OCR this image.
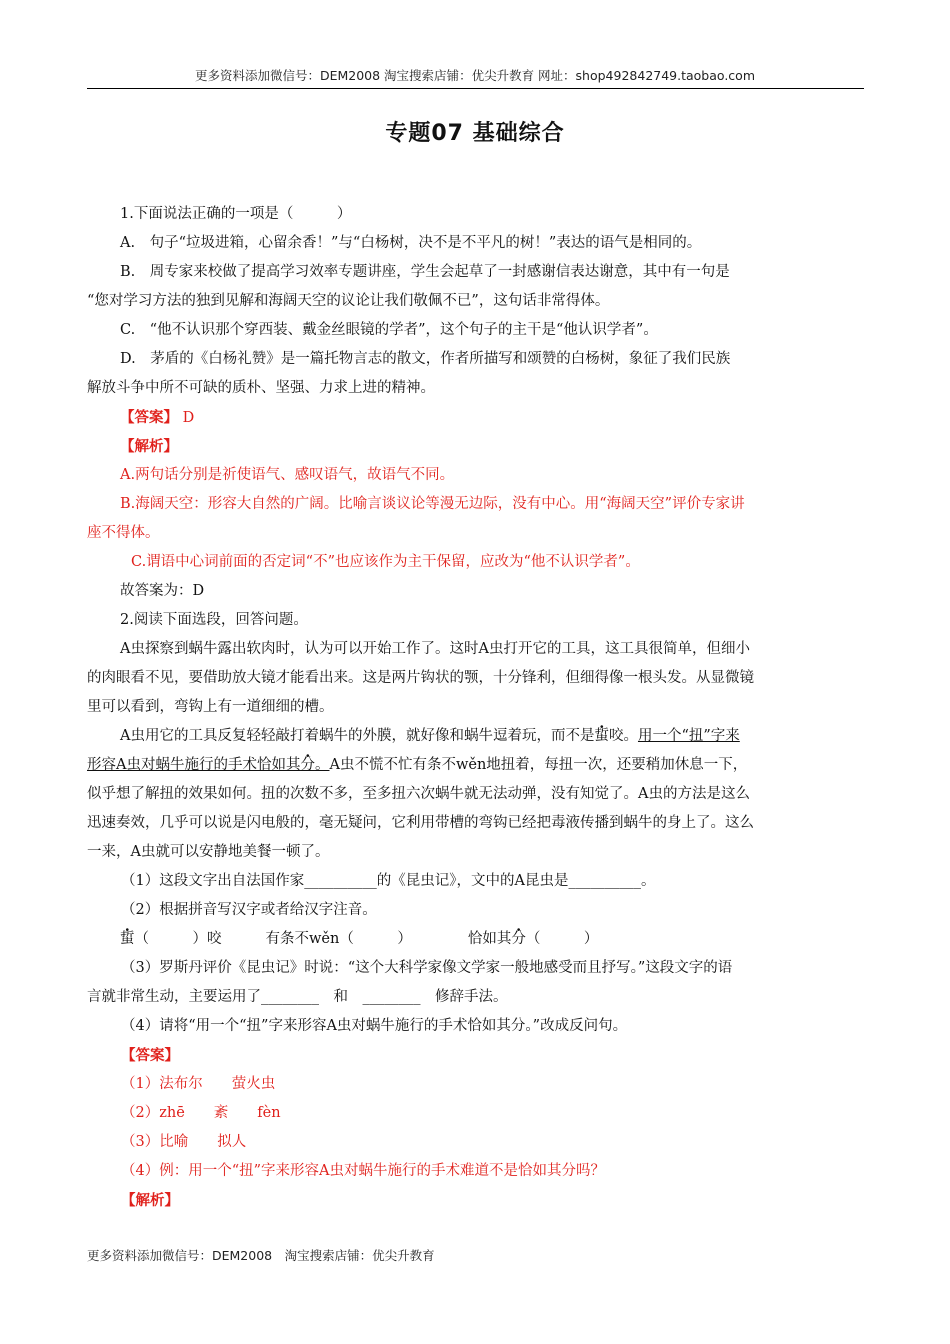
更多资料添加微信号：DEM2008 淘宝搜索店铺：优尖升教育 网址：shop492842749.taobao.com
专题07 基础综合
1.下面说法正确的一项是（　　　）
A.　句子“垃圾进箱，心留余香！”与“白杨树，决不是不平凡的树！”表达的语气是相同的。
B.　周专家来校做了提高学习效率专题讲座，学生会起草了一封感谢信表达谢意，其中有一句是
“您对学习方法的独到见解和海阔天空的议论让我们敬佩不已”，这句话非常得体。
C.　“他不认识那个穿西装、戴金丝眼镜的学者”，这个句子的主干是“他认识学者”。
D.　茅盾的《白杨礼赞》是一篇托物言志的散文，作者所描写和颂赞的白杨树，象征了我们民族
解放斗争中所不可缺的质朴、坚强、力求上进的精神。
【答案】 D
【解析】
A.两句话分别是祈使语气、感叹语气，故语气不同。
B.海阔天空：形容大自然的广阔。比喻言谈议论等漫无边际，没有中心。用“海阔天空”评价专家讲
座不得体。
C.谓语中心词前面的否定词“不”也应该作为主干保留，应改为“他不认识学者”。
故答案为：D
2.阅读下面选段，回答问题。
A虫探察到蜗牛露出软肉时，认为可以开始工作了。这时A虫打开它的工具，这工具很简单，但细小
的肉眼看不见，要借助放大镜才能看出来。这是两片钩状的颚，十分锋利，但细得像一根头发。从显微镜
里可以看到，弯钩上有一道细细的槽。
A虫用它的工具反复轻轻敲打着蜗牛的外膜，就好像和蜗牛逗着玩，而不是蜇咬。用一个“扭”字来
形容A虫对蜗牛施行的手术恰如其分。A虫不慌不忙有条不wěn地扭着，每扭一次，还要稍加休息一下，
似乎想了解扭的效果如何。扭的次数不多，至多扭六次蜗牛就无法动弹，没有知觉了。A虫的方法是这么
迅速奏效，几乎可以说是闪电般的，毫无疑问，它利用带槽的弯钩已经把毒液传播到蜗牛的身上了。这么
一来，A虫就可以安静地美餐一顿了。
（1）这段文字出自法国作家__________的《昆虫记》，文中的A昆虫是__________。
（2）根据拼音写汉字或者给汉字注音。
蜇（　　　）咬	有条不wěn（　　　）	恰如其分（　　　）
（3）罗斯丹评价《昆虫记》时说：“这个大科学家像文学家一般地感受而且抒写。”这段文字的语
言就非常生动，主要运用了________　和　________　修辞手法。
（4）请将“用一个“扭”字来形容A虫对蜗牛施行的手术恰如其分。”改成反问句。
【答案】
（1）法布尔　　萤火虫
（2）zhē　　紊　　fèn
（3）比喻　　拟人
（4）例：用一个“扭”字来形容A虫对蜗牛施行的手术难道不是恰如其分吗？
【解析】
更多资料添加微信号：DEM2008　淘宝搜索店铺：优尖升教育
